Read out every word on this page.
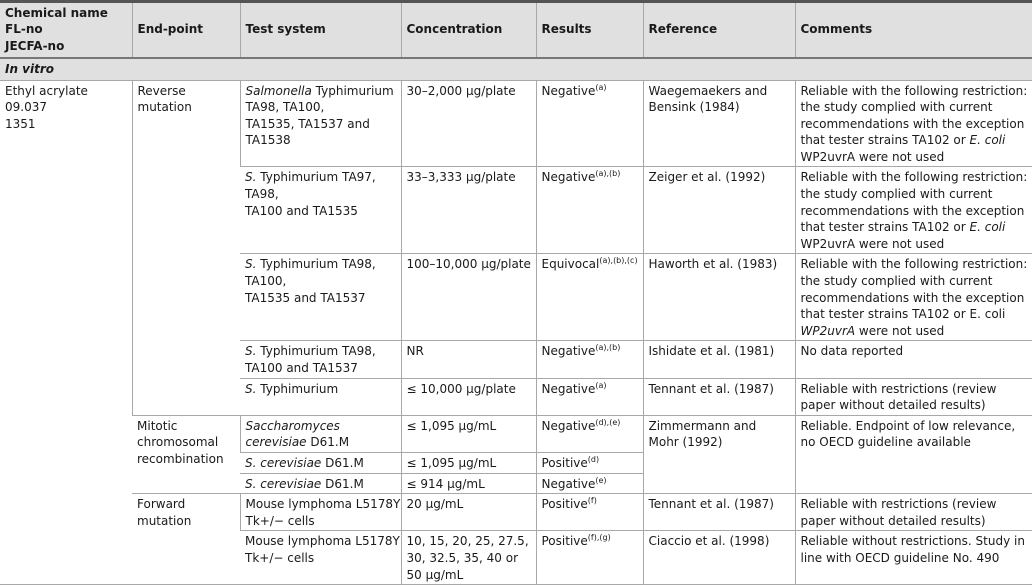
Chemical name
FL-no
JECFA-no	End-point	Test system	Concentration	Results	Reference	Comments
In vitro						

Ethyl acrylate
09.037
1351	Reverse mutation	Salmonella Typhimurium
TA98, TA100,
TA1535, TA1537 and
TA1538	30–2,000 μg/plate	Negative$^{(a)}$	Waegemaekers and
Bensink (1984)	Reliable with the following restriction:
the study complied with current
recommendations with the exception
that tester strains TA102 or E. coli
WP2uvrA were not used

		S. Typhimurium TA97,
TA98,
TA100 and TA1535	33–3,333 μg/plate	Negative$^{(a),(b)}$	Zeiger et al. (1992)	Reliable with the following restriction:
the study complied with current
recommendations with the exception
that tester strains TA102 or E. coli
WP2uvrA were not used

		S. Typhimurium TA98,
TA100,
TA1535 and TA1537	100–10,000 μg/plate	Equivocal$^{(a),(b),(c)}$	Haworth et al. (1983)	Reliable with the following restriction:
the study complied with current
recommendations with the exception
that tester strains TA102 or E. coli
WP2uvrA were not used

		S. Typhimurium TA98,
TA100 and TA1537	NR	Negative$^{(a),(b)}$	Ishidate et al. (1981)	No data reported

		S. Typhimurium	≤ 10,000 μg/plate	Negative$^{(a)}$	Tennant et al. (1987)	Reliable with restrictions (review
paper without detailed results)

	Mitotic chromosomal recombination	Saccharomyces
cerevisiae D61.M	≤ 1,095 μg/mL	Negative$^{(d),(e)}$	Zimmermann and
Mohr (1992)	Reliable. Endpoint of low relevance,
no OECD guideline available

		S. cerevisiae D61.M	≤ 1,095 μg/mL	Positive$^{(d)}$

		S. cerevisiae D61.M	≤ 914 μg/mL	Negative$^{(e)}$

	Forward mutation	Mouse lymphoma L5178Y
Tk+/− cells	20 μg/mL	Positive$^{(f)}$	Tennant et al. (1987)	Reliable with restrictions (review
paper without detailed results)

		Mouse lymphoma L5178Y
Tk+/− cells	10, 15, 20, 25, 27.5,
30, 32.5, 35, 40 or
50 μg/mL	Positive$^{(f),(g)}$	Ciaccio et al. (1998)	Reliable without restrictions. Study in
line with OECD guideline No. 490
